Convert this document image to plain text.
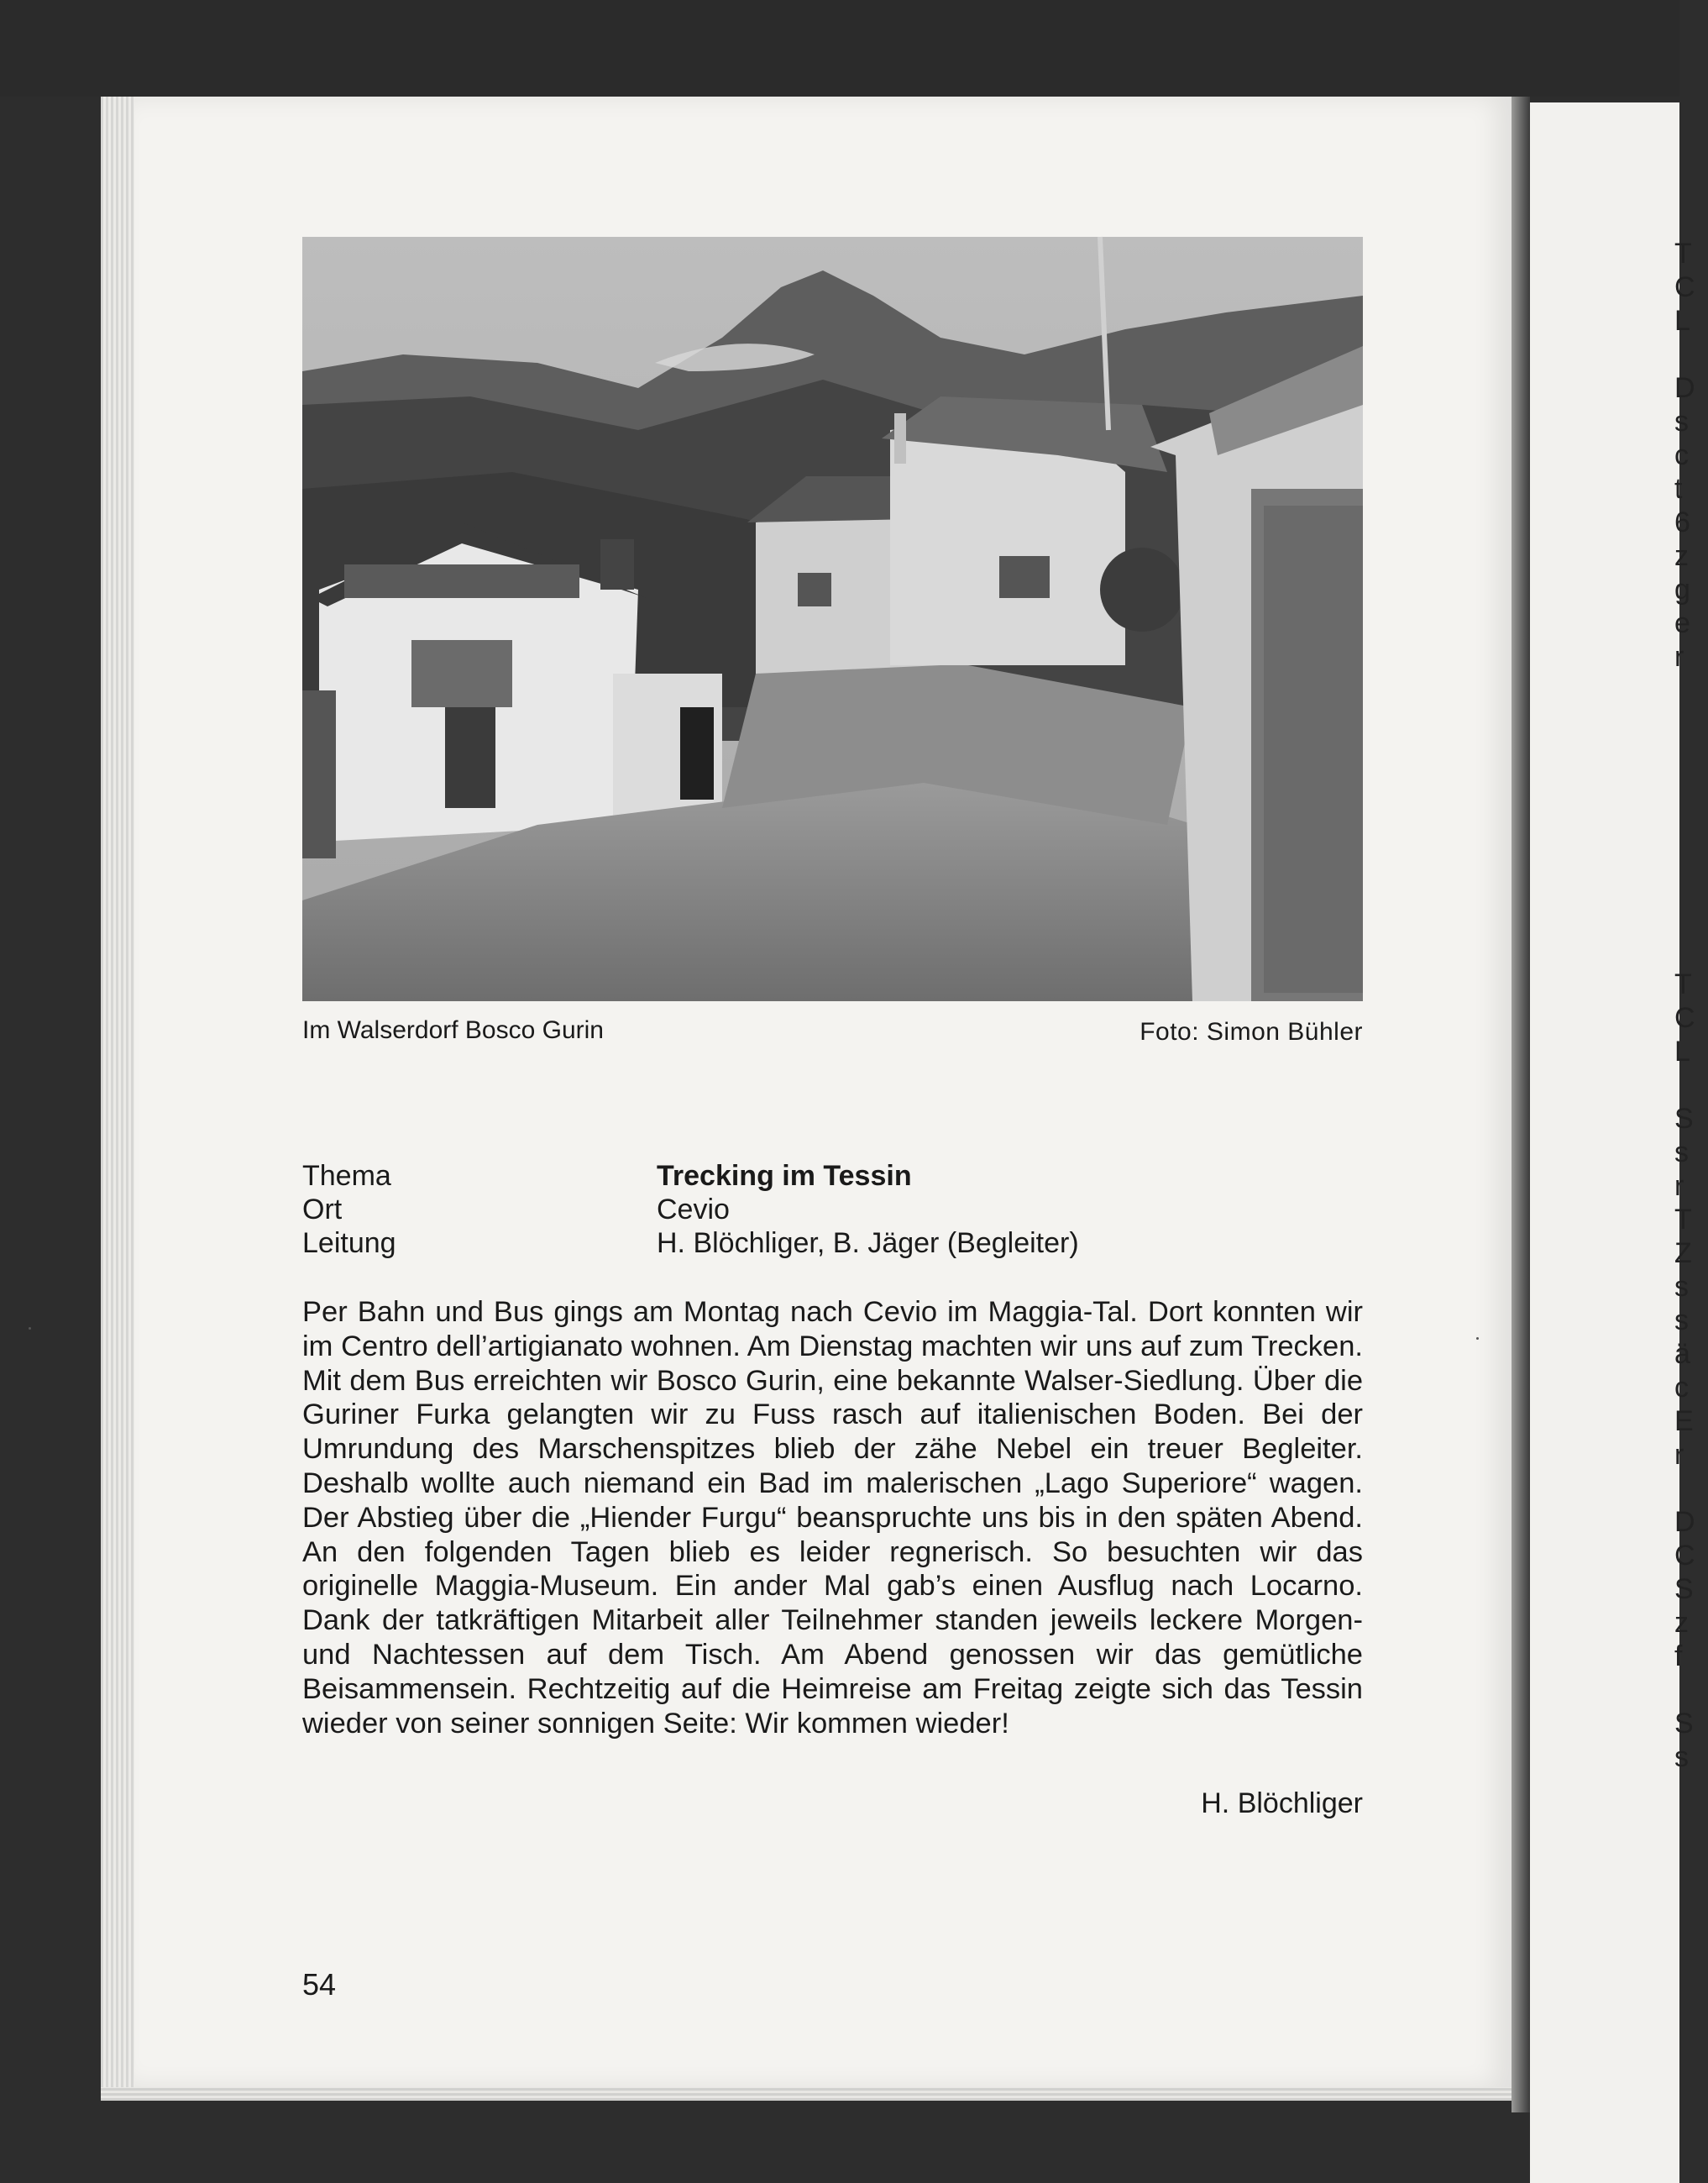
T
C
L
D
s
c
t
6
z
g
e
r
T
C
L
S
s
r
T
Z
s
s
ä
c
E
r
D
C
S
z
f
S
s
Im Walserdorf Bosco Gurin	Foto: Simon Bühler
Thema	Trecking im Tessin
Ort	Cevio
Leitung	H. Blöchliger, B. Jäger (Begleiter)

Per Bahn und Bus gings am Montag nach Cevio im Maggia-Tal. Dort konnten wir im Centro dell’artigianato wohnen. Am Dienstag machten wir uns auf zum Trecken. Mit dem Bus erreichten wir Bosco Gurin, eine bekannte Walser-Siedlung. Über die Guriner Furka gelangten wir zu Fuss rasch auf italienischen Boden. Bei der Umrundung des Marschenspitzes blieb der zähe Nebel ein treuer Begleiter. Deshalb wollte auch niemand ein Bad im malerischen „Lago Superiore“ wagen. Der Abstieg über die „Hiender Furgu“ beanspruchte uns bis in den späten Abend. An den folgenden Tagen blieb es leider regnerisch. So besuchten wir das originelle Maggia-Museum. Ein ander Mal gab’s einen Ausflug nach Locarno. Dank der tatkräftigen Mitarbeit aller Teilnehmer standen jeweils leckere Morgen- und Nachtessen auf dem Tisch. Am Abend genossen wir das gemütliche Beisammensein. Rechtzeitig auf die Heimreise am Freitag zeigte sich das Tessin wieder von seiner sonnigen Seite: Wir kommen wieder!

H. Blöchliger
54
